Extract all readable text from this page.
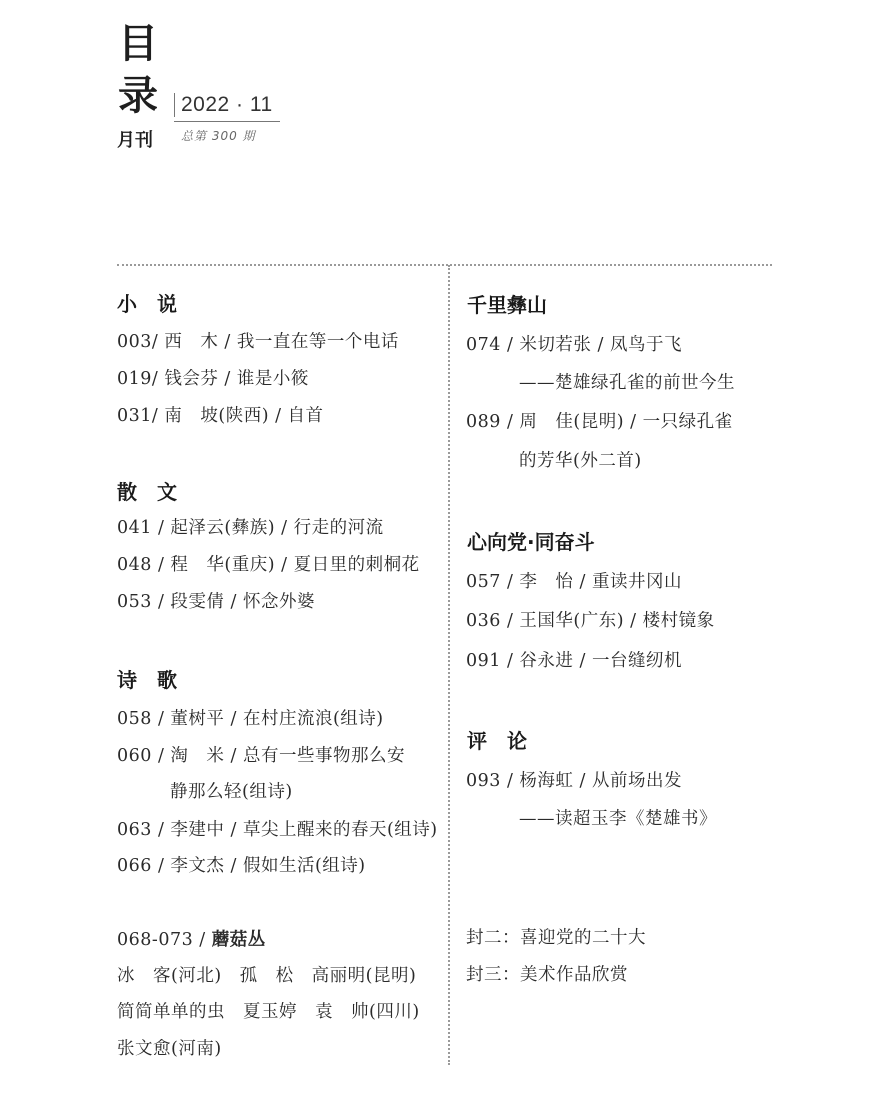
目
录
月刊
2022 · 11
总第 300 期
小　说
003/ 西　木 / 我一直在等一个电话
019/ 钱会芬 / 谁是小筱
031/ 南　坡(陕西) / 自首
散　文
041 / 起泽云(彝族) / 行走的河流
048 / 程　华(重庆) / 夏日里的刺桐花
053 / 段雯倩 / 怀念外婆
诗　歌
058 / 董树平 / 在村庄流浪(组诗)
060 / 淘　米 / 总有一些事物那么安
静那么轻(组诗)
063 / 李建中 / 草尖上醒来的春天(组诗)
066 / 李文杰 / 假如生活(组诗)
068-073 / 蘑菇丛
冰　客(河北)　孤　松　高丽明(昆明)
简简单单的虫　夏玉婷　袁　帅(四川)
张文愈(河南)
千里彝山
074 / 米切若张 / 凤鸟于飞
——楚雄绿孔雀的前世今生
089 / 周　佳(昆明) / 一只绿孔雀
的芳华(外二首)
心向党·同奋斗
057 / 李　怡 / 重读井冈山
036 / 王国华(广东) / 楼村镜象
091 / 谷永进 / 一台缝纫机
评　论
093 / 杨海虹 / 从前场出发
——读超玉李《楚雄书》
封二：喜迎党的二十大
封三：美术作品欣赏
